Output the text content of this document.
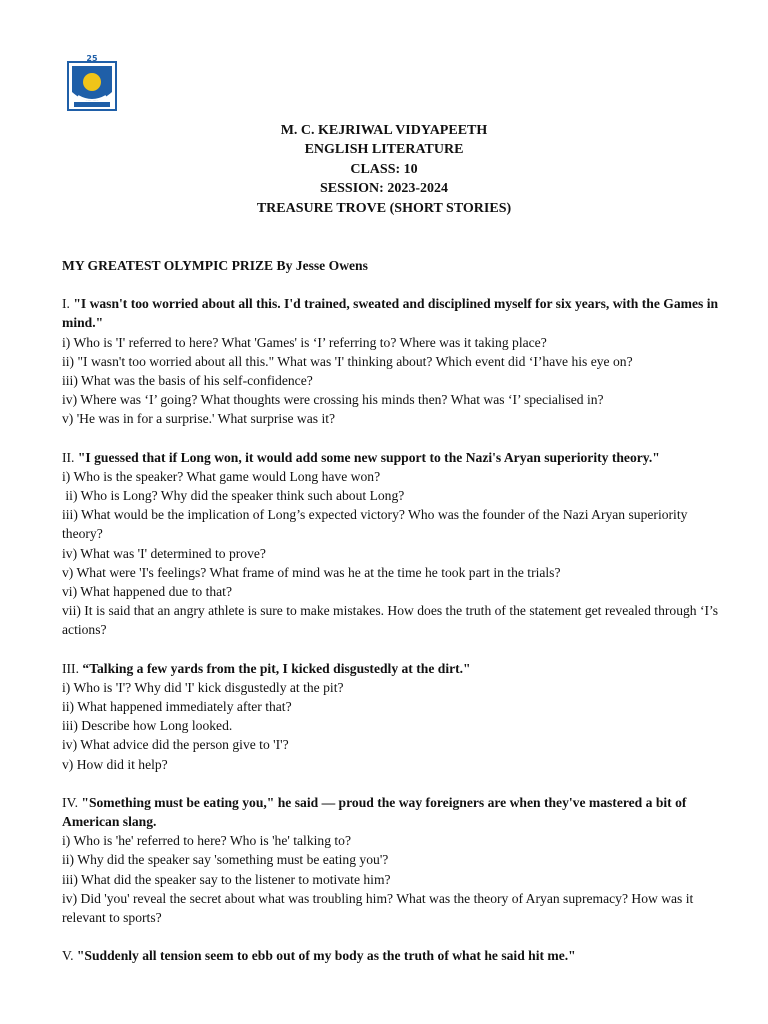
25
M. C. KEJRIWAL VIDYAPEETH
ENGLISH LITERATURE
CLASS: 10
SESSION: 2023-2024
TREASURE TROVE (SHORT STORIES)
MY GREATEST OLYMPIC PRIZE By Jesse Owens
I. "I wasn't too worried about all this. I'd trained, sweated and disciplined myself for six years, with the Games in mind."
i) Who is 'I' referred to here? What 'Games' is ‘I’ referring to? Where was it taking place?
ii) "I wasn't too worried about all this." What was 'I' thinking about? Which event did ‘I’have his eye on?
iii) What was the basis of his self-confidence?
iv) Where was ‘I’ going? What thoughts were crossing his minds then? What was ‘I’ specialised in?
v) 'He was in for a surprise.' What surprise was it?
II. "I guessed that if Long won, it would add some new support to the Nazi's Aryan superiority theory."
i) Who is the speaker? What game would Long have won?
ii) Who is Long? Why did the speaker think such about Long?
iii) What would be the implication of Long’s expected victory? Who was the founder of the Nazi Aryan superiority theory?
iv) What was 'I' determined to prove?
v) What were 'I's feelings? What frame of mind was he at the time he took part in the trials?
vi) What happened due to that?
vii) It is said that an angry athlete is sure to make mistakes. How does the truth of the statement get revealed through ‘I’s actions?
III. “Talking a few yards from the pit, I kicked disgustedly at the dirt."
i) Who is 'I'? Why did 'I' kick disgustedly at the pit?
ii) What happened immediately after that?
iii) Describe how Long looked.
iv) What advice did the person give to 'I'?
v) How did it help?
IV. "Something must be eating you," he said — proud the way foreigners are when they've mastered a bit of American slang.
i) Who is 'he' referred to here? Who is 'he' talking to?
ii) Why did the speaker say 'something must be eating you'?
iii) What did the speaker say to the listener to motivate him?
iv) Did 'you' reveal the secret about what was troubling him? What was the theory of Aryan supremacy? How was it relevant to sports?
V. "Suddenly all tension seem to ebb out of my body as the truth of what he said hit me."
